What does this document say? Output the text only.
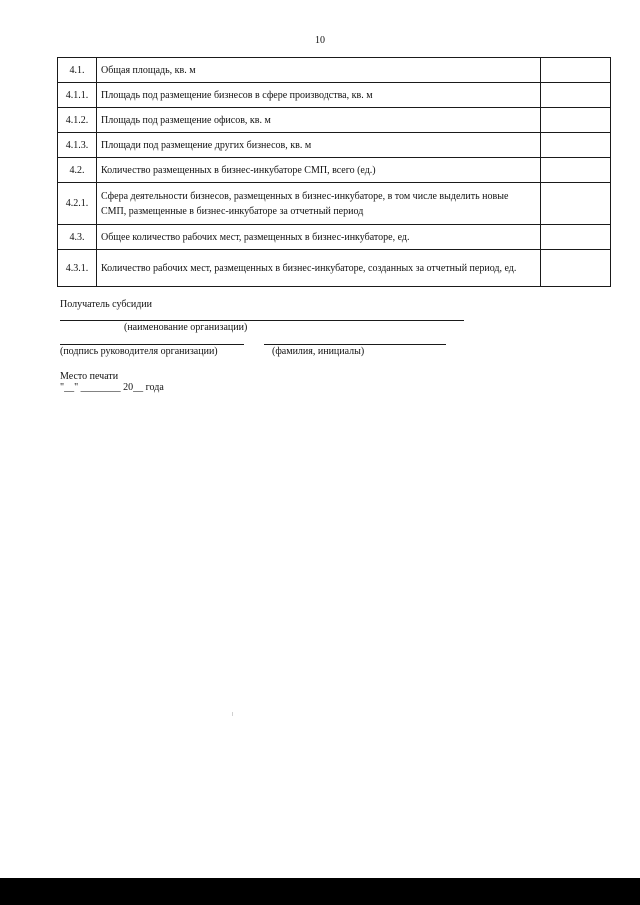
10
4.1.	Общая площадь, кв. м	
4.1.1.	Площадь под размещение бизнесов в сфере производства, кв. м	
4.1.2.	Площадь под размещение офисов, кв. м	
4.1.3.	Площади под размещение других бизнесов, кв. м	
4.2.	Количество размещенных в бизнес-инкубаторе СМП, всего (ед.)	
4.2.1.	Сфера деятельности бизнесов, размещенных в бизнес-инкубаторе, в том числе выделить новые СМП, размещенные в бизнес-инкубаторе за отчетный период	
4.3.	Общее количество рабочих мест, размещенных в бизнес-инкубаторе, ед.	
4.3.1.	Количество рабочих мест, размещенных в бизнес-инкубаторе, созданных за отчетный период, ед.	
Получатель субсидии
(наименование организации)
(подпись руководителя организации)	(фамилия, инициалы)
Место печати
"__" ________ 20__ года
